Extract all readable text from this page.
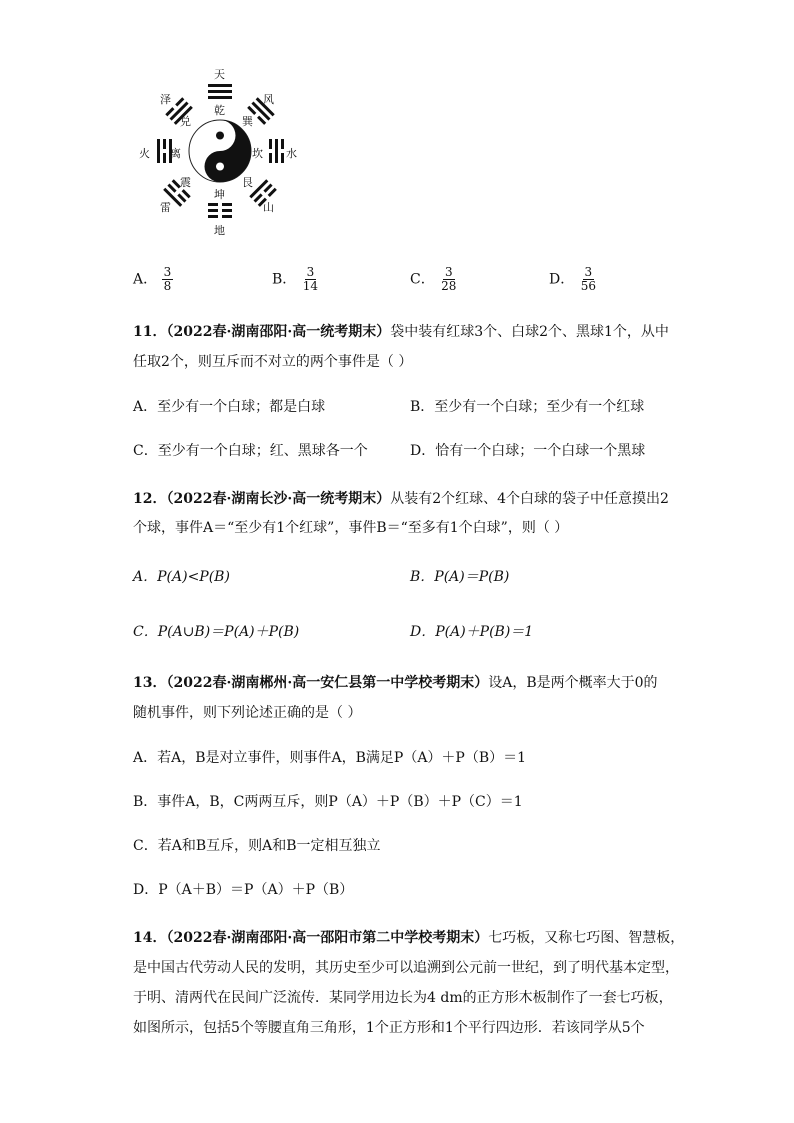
天
风
水
山
地
雷
火
泽
乾
巽
坎
艮
坤
震
离
兑
A． $\frac{3}{8}$	B． $\frac{3}{14}$	C． $\frac{3}{28}$	D． $\frac{3}{56}$
11．（2022春·湖南邵阳·高一统考期末）袋中装有红球3个、白球2个、黑球1个，从中
任取2个，则互斥而不对立的两个事件是（ ）
A．至少有一个白球；都是白球	B．至少有一个白球；至少有一个红球
C．至少有一个白球；红、黑球各一个	D．恰有一个白球；一个白球一个黑球
12．（2022春·湖南长沙·高一统考期末）从装有2个红球、4个白球的袋子中任意摸出2
个球，事件A＝“至少有1个红球”，事件B＝“至多有1个白球”，则（ ）
A．P(A)<P(B)	B．P(A)＝P(B)
C．P(A∪B)＝P(A)＋P(B)	D．P(A)＋P(B)＝1
13．（2022春·湖南郴州·高一安仁县第一中学校考期末）设A，B是两个概率大于0的
随机事件，则下列论述正确的是（ ）
A．若A，B是对立事件，则事件A，B满足P（A）＋P（B）＝1
B．事件A，B，C两两互斥，则P（A）＋P（B）＋P（C）＝1
C．若A和B互斥，则A和B一定相互独立
D．P（A＋B）＝P（A）＋P（B）
14．（2022春·湖南邵阳·高一邵阳市第二中学校考期末）七巧板，又称七巧图、智慧板，
是中国古代劳动人民的发明，其历史至少可以追溯到公元前一世纪，到了明代基本定型，
于明、清两代在民间广泛流传．某同学用边长为4 dm的正方形木板制作了一套七巧板，
如图所示，包括5个等腰直角三角形，1个正方形和1个平行四边形．若该同学从5个
